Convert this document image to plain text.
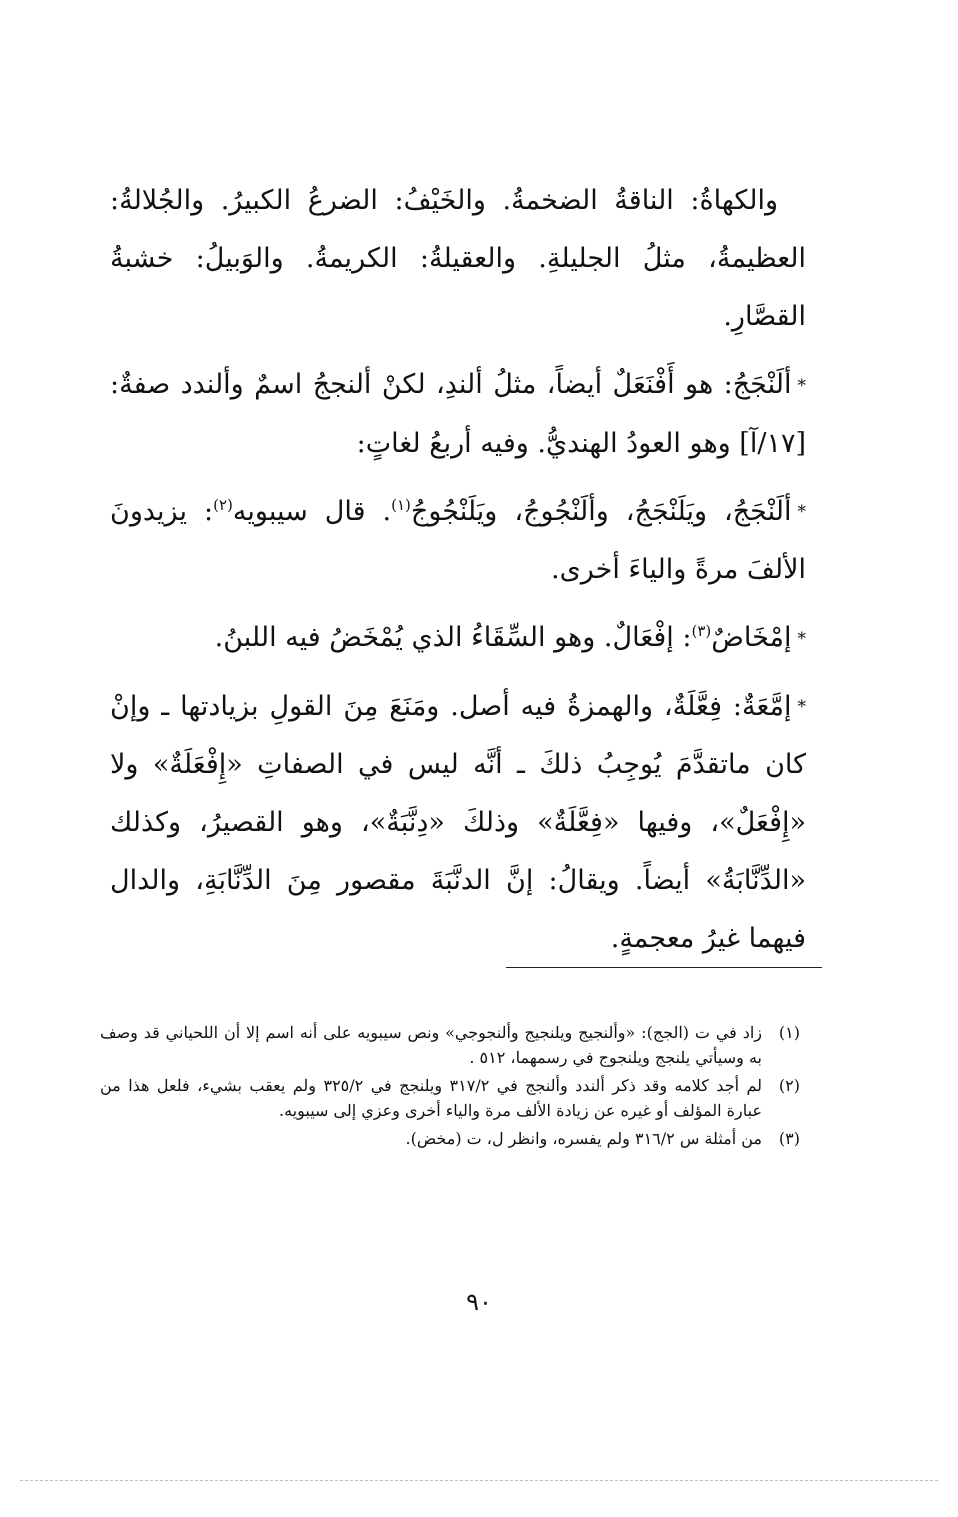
والكهاةُ: الناقةُ الضخمةُ. والخَيْفُ: الضرعُ الكبيرُ. والجُلالةُ: العظيمةُ، مثلُ الجليلةِ. والعقيلةُ: الكريمةُ. والوَبيلُ: خشبةُ القصَّارِ.

*ألَنْجَجُ: هو أَفْنَعَلٌ أيضاً، مثلُ ألندِ، لكنْ ألنججُ اسمٌ وألندد صفةٌ: [١٧/آ] وهو العودُ الهنديُّ. وفيه أربعُ لغاتٍ:

*ألَنْجَجُ، ويَلَنْجَجُ، وألَنْجُوجُ، ويَلَنْجُوجُ$^{(١)}$. قال سيبويه$^{(٢)}$: يزيدونَ الألفَ مرةً والياءَ أخرى.

*إمْخَاضٌ$^{(٣)}$: إفْعَالٌ. وهو السِّقَاءُ الذي يُمْخَضُ فيه اللبنُ.

*إمَّعَةٌ: فِعَّلَةٌ، والهمزةُ فيه أصل. ومَنَعَ مِنَ القولِ بزيادتها ـ وإنْ كان ماتقدَّمَ يُوجِبُ ذلكَ ـ أنَّه ليس في الصفاتِ «إِفْعَلَةٌ» ولا «إِفْعَلٌ»، وفيها «فِعَّلَةٌ» وذلكَ «دِنَّبَةٌ»، وهو القصيرُ، وكذلك «الدِّنَّابَةُ» أيضاً. ويقالُ: إنَّ الدنَّبَةَ مقصور مِنَ الدِّنَّابَةِ، والدال فيهما غيرُ معجمةٍ.

(١)
زاد في ت (الجج): «وألنجيج ويلنجيج وألنجوجي» ونص سيبويه على أنه اسم إلا أن اللحياني قد وصف به وسيأتي يلنجج ويلنجوج في رسمهما، ٥١٢ .
(٢)
لم أجد كلامه وقد ذكر ألندد وألنجج في ٣١٧/٢ ويلنجج في ٣٢٥/٢ ولم يعقب بشيء، فلعل هذا من عبارة المؤلف أو غيره عن زيادة الألف مرة والياء أخرى وعزي إلى سيبويه.
(٣)
من أمثلة س ٣١٦/٢ ولم يفسره، وانظر ل، ت (مخض).
٩٠
